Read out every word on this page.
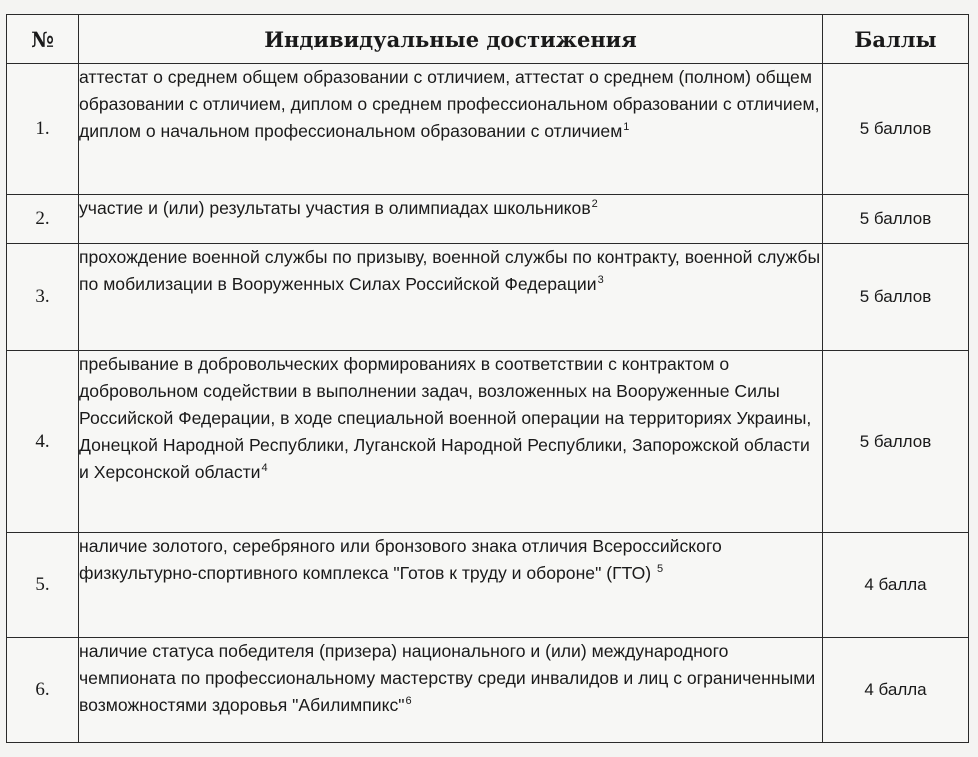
№	Индивидуальные достижения	Баллы
1.	аттестат о среднем общем образовании с отличием, аттестат о среднем (полном) общем образовании с отличием, диплом о среднем профессиональном образовании с отличием, диплом о начальном профессиональном образовании с отличием$^1$	5 баллов
2.	участие и (или) результаты участия в олимпиадах школьников$^2$	5 баллов
3.	прохождение военной службы по призыву, военной службы по контракту, военной службы по мобилизации в Вооруженных Силах Российской Федерации$^3$	5 баллов
4.	пребывание в добровольческих формированиях в соответствии с контрактом о добровольном содействии в выполнении задач, возложенных на Вооруженные Силы Российской Федерации, в ходе специальной военной операции на территориях Украины, Донецкой Народной Республики, Луганской Народной Республики, Запорожской области и Херсонской области$^4$	5 баллов
5.	наличие золотого, серебряного или бронзового знака отличия Всероссийского физкультурно-спортивного комплекса "Готов к труду и обороне" (ГТО) $^5$	4 балла
6.	наличие статуса победителя (призера) национального и (или) международного чемпионата по профессиональному мастерству среди инвалидов и лиц с ограниченными возможностями здоровья "Абилимпикс"$^6$	4 балла
